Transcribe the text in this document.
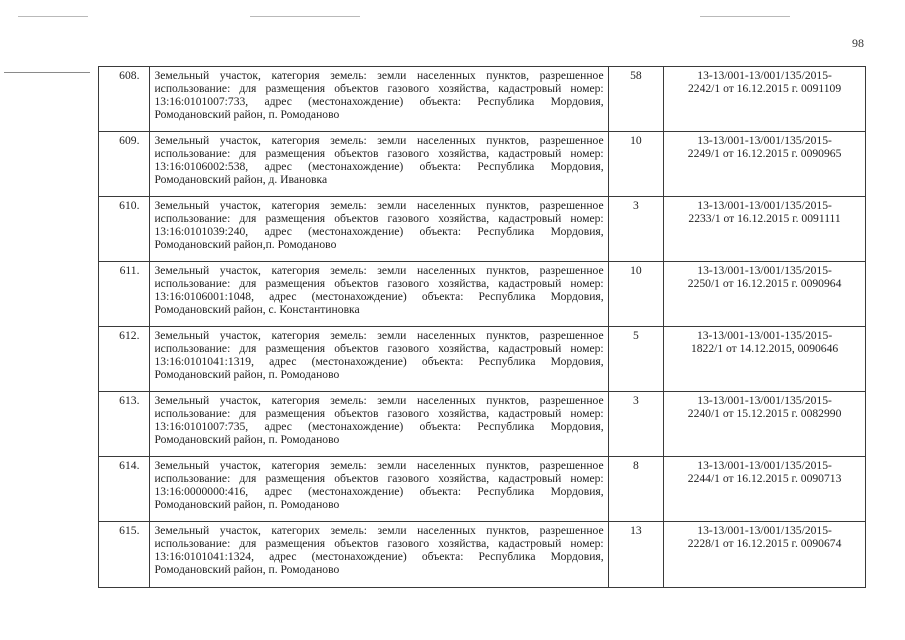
98
608.	Земельный участок, категория земель: земли населенных пунктов, разрешенное использование: для размещения объектов газового хозяйства, кадастровый номер: 13:16:0101007:733, адрес (местонахождение) объекта: Республика Мордовия, Ромодановский район, п. Ромоданово	58	13-13/001-13/001/135/2015-
2242/1 от 16.12.2015 г. 0091109

609.	Земельный участок, категория земель: земли населенных пунктов, разрешенное использование: для размещения объектов газового хозяйства, кадастровый номер: 13:16:0106002:538, адрес (местонахождение) объекта: Республика Мордовия, Ромодановский район, д. Ивановка	10	13-13/001-13/001/135/2015-
2249/1 от 16.12.2015 г. 0090965

610.	Земельный участок, категория земель: земли населенных пунктов, разрешенное использование: для размещения объектов газового хозяйства, кадастровый номер: 13:16:0101039:240, адрес (местонахождение) объекта: Республика Мордовия, Ромодановский район,п. Ромоданово	3	13-13/001-13/001/135/2015-
2233/1 от 16.12.2015 г. 0091111

611.	Земельный участок, категория земель: земли населенных пунктов, разрешенное использование: для размещения объектов газового хозяйства, кадастровый номер: 13:16:0106001:1048, адрес (местонахождение) объекта: Республика Мордовия, Ромодановский район, с. Константиновка	10	13-13/001-13/001/135/2015-
2250/1 от 16.12.2015 г. 0090964

612.	Земельный участок, категория земель: земли населенных пунктов, разрешенное использование: для размещения объектов газового хозяйства, кадастровый номер: 13:16:0101041:1319, адрес (местонахождение) объекта: Республика Мордовия, Ромодановский район, п. Ромоданово	5	13-13/001-13/001-135/2015-
1822/1 от 14.12.2015, 0090646

613.	Земельный участок, категория земель: земли населенных пунктов, разрешенное использование: для размещения объектов газового хозяйства, кадастровый номер: 13:16:0101007:735, адрес (местонахождение) объекта: Республика Мордовия, Ромодановский район, п. Ромоданово	3	13-13/001-13/001/135/2015-
2240/1 от 15.12.2015 г. 0082990

614.	Земельный участок, категория земель: земли населенных пунктов, разрешенное использование: для размещения объектов газового хозяйства, кадастровый номер: 13:16:0000000:416, адрес (местонахождение) объекта: Республика Мордовия, Ромодановский район, п. Ромоданово	8	13-13/001-13/001/135/2015-
2244/1 от 16.12.2015 г. 0090713

615.	Земельный участок, категорих земель: земли населенных пунктов, разрешенное использование: для размещения объектов газового хозяйства, кадастровый номер: 13:16:0101041:1324, адрес (местонахождение) объекта: Республика Мордовия, Ромодановский район, п. Ромоданово	13	13-13/001-13/001/135/2015-
2228/1 от 16.12.2015 г. 0090674
